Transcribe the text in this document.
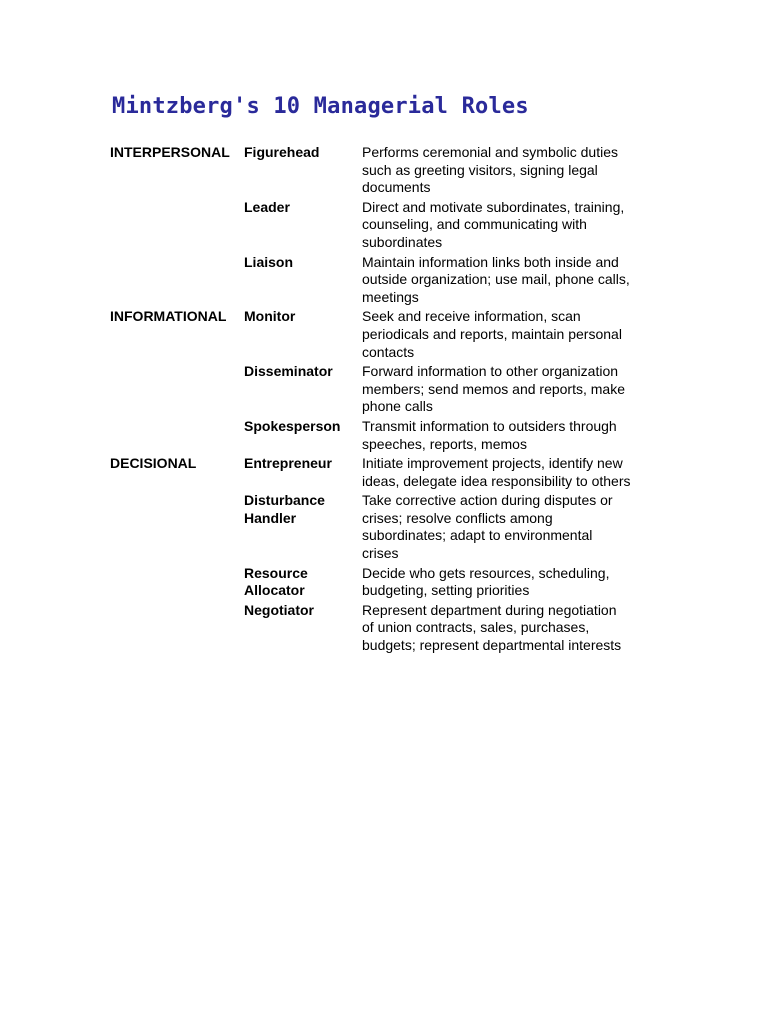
Mintzberg's 10 Managerial Roles
INTERPERSONAL	Figurehead	Performs ceremonial and symbolic duties such as greeting visitors, signing legal documents
	Leader	Direct and motivate subordinates, training, counseling, and communicating with subordinates
	Liaison	Maintain information links both inside and outside organization; use mail, phone calls, meetings
INFORMATIONAL	Monitor	Seek and receive information, scan periodicals and reports, maintain personal contacts
	Disseminator	Forward information to other organization members; send memos and reports, make phone calls
	Spokesperson	Transmit information to outsiders through speeches, reports, memos
DECISIONAL	Entrepreneur	Initiate improvement projects, identify new ideas, delegate idea responsibility to others
	Disturbance Handler	Take corrective action during disputes or crises; resolve conflicts among subordinates; adapt to environmental crises
	Resource Allocator	Decide who gets resources, scheduling, budgeting, setting priorities
	Negotiator	Represent department during negotiation of union contracts, sales, purchases, budgets; represent departmental interests
